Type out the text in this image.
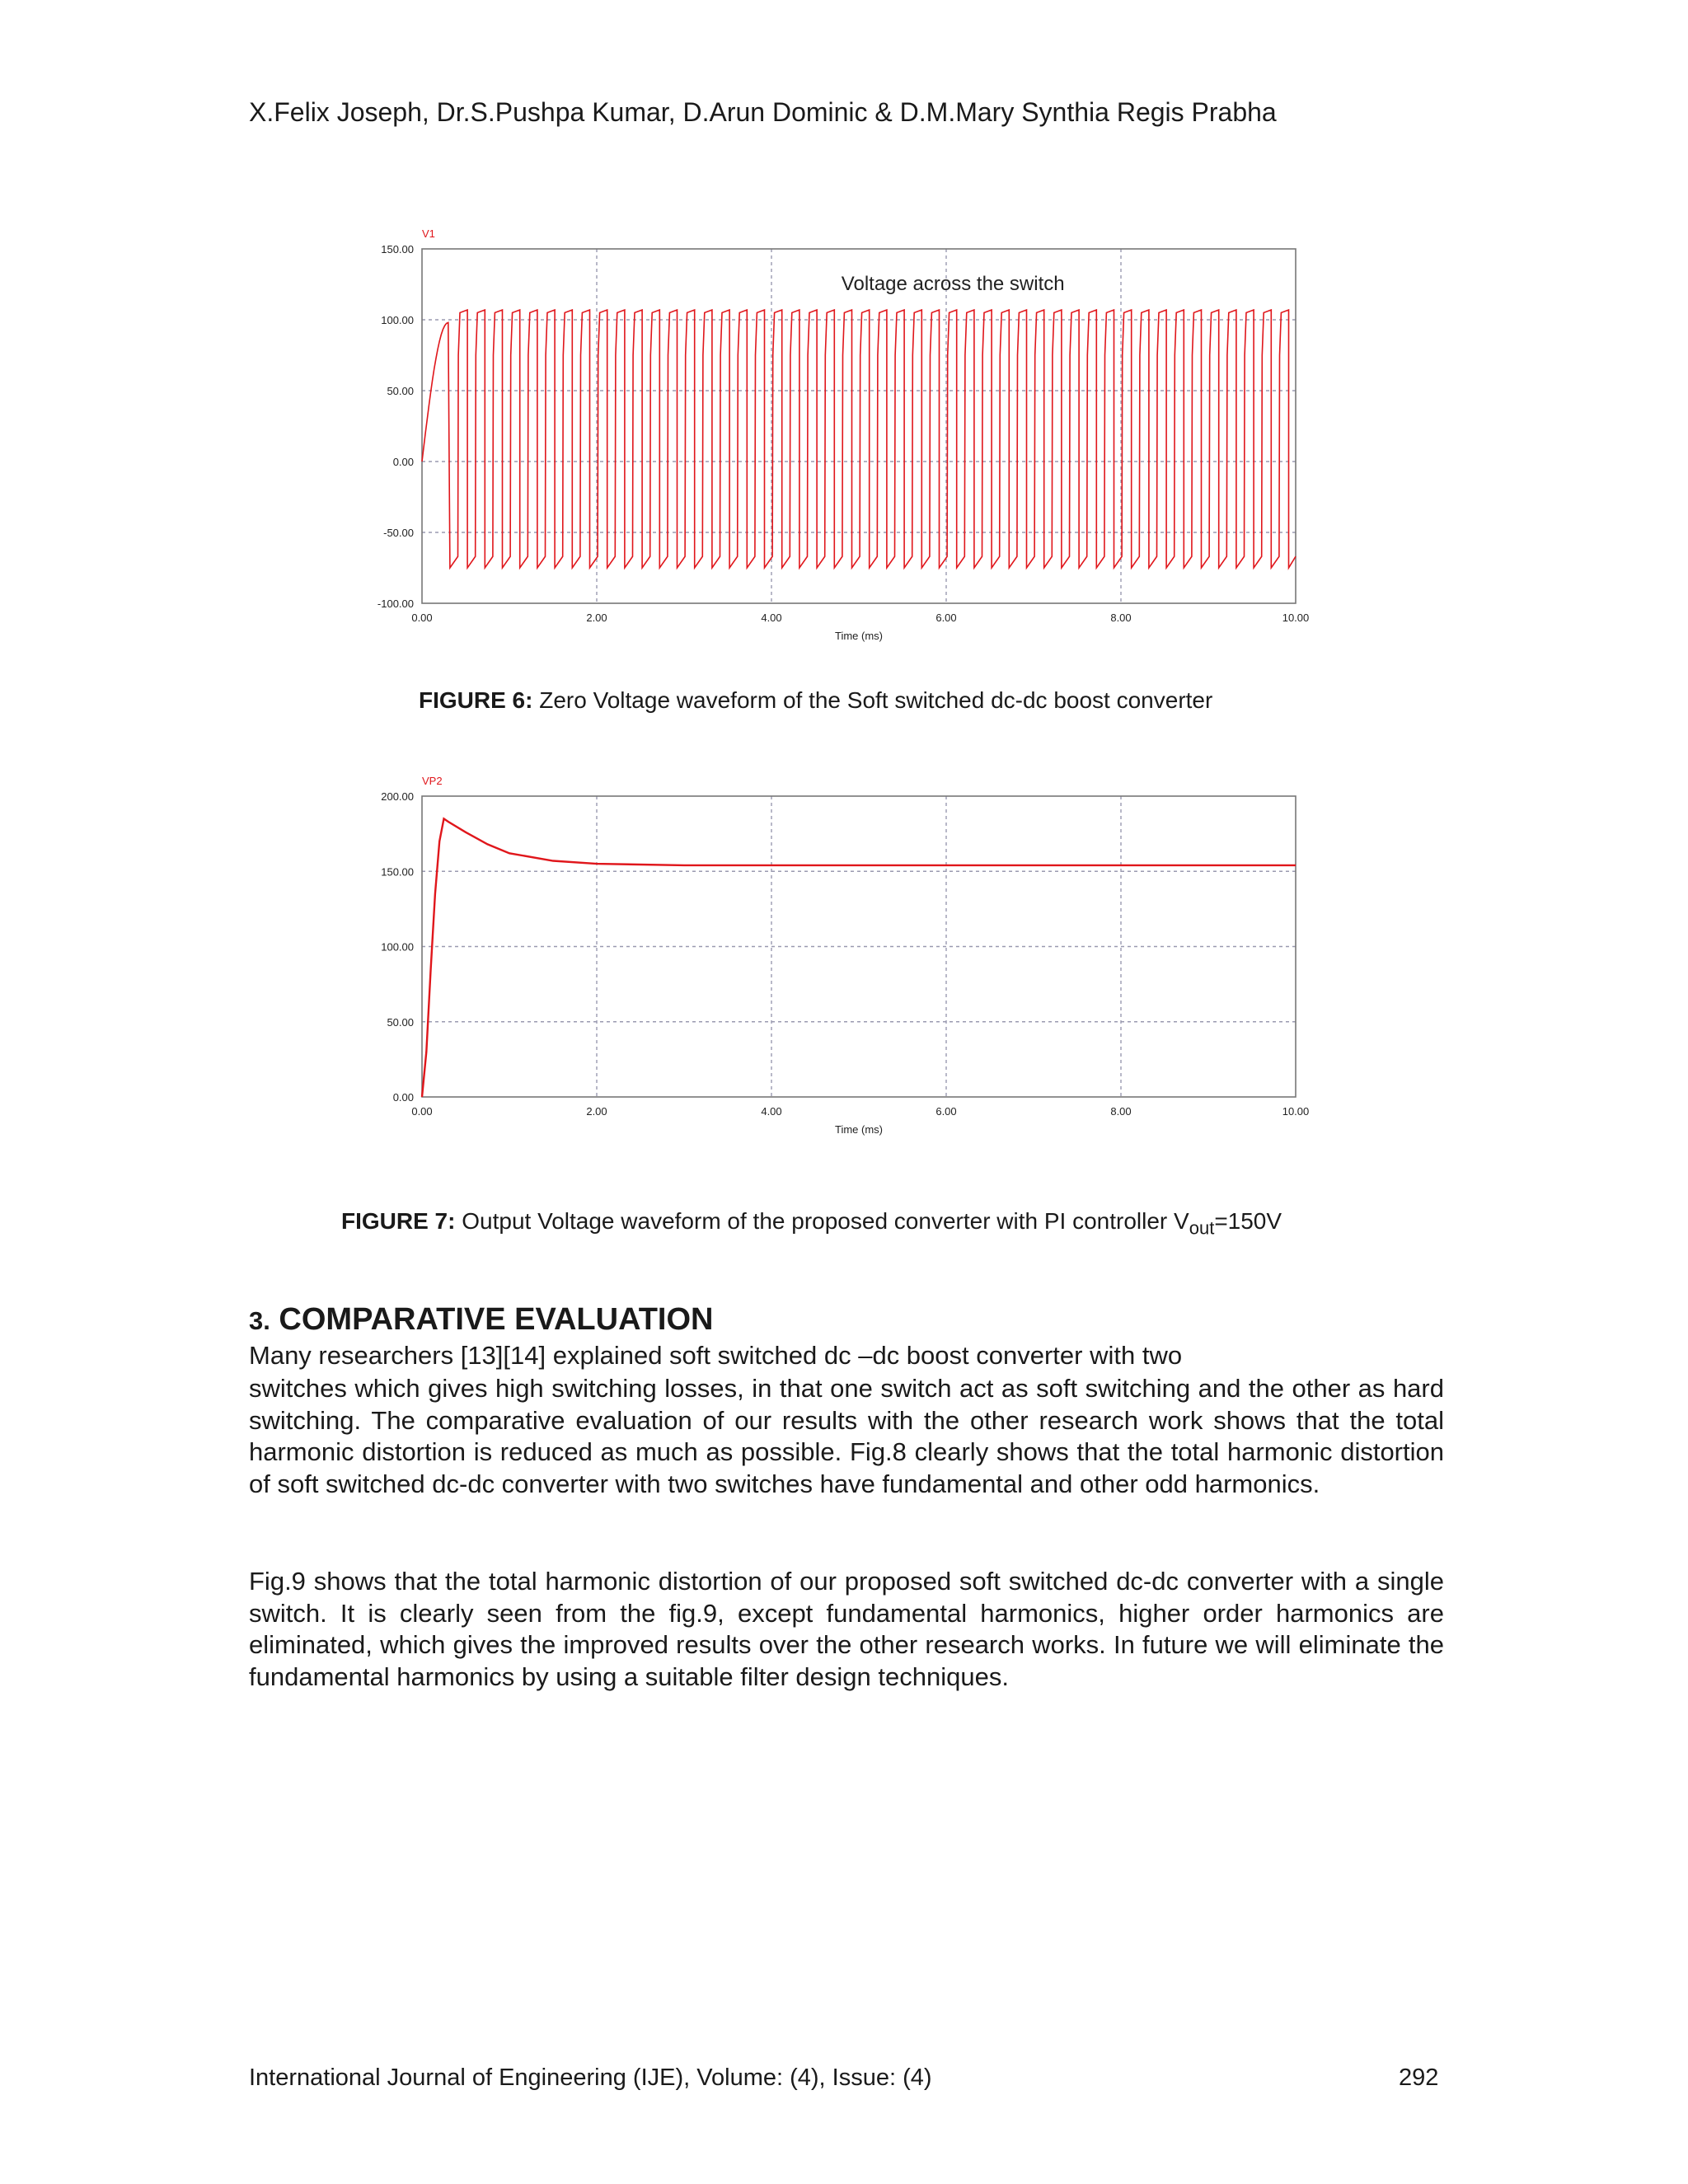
X.Felix Joseph, Dr.S.Pushpa Kumar, D.Arun Dominic & D.M.Mary Synthia Regis Prabha
150.00
100.00
50.00
0.00
-50.00
-100.00
0.00	2.00	4.00	6.00	8.00	10.00
Time (ms)
V1
Voltage across the switch
FIGURE 6: Zero Voltage waveform of the Soft switched dc-dc boost converter
200.00
150.00
100.00
50.00
0.00
0.00	2.00	4.00	6.00	8.00	10.00
Time (ms)
VP2
FIGURE 7: Output Voltage waveform of the proposed converter with PI controller $V_{out}=150V$
3. COMPARATIVE EVALUATION
Many researchers [13][14] explained soft switched dc –dc boost converter with two
switches which gives high switching losses, in that one switch act as soft switching and the other as hard switching. The comparative evaluation of our results with the other research work shows that the total harmonic distortion is reduced as much as possible. Fig.8 clearly shows that the total harmonic distortion of soft switched dc-dc converter with two switches have fundamental and other odd harmonics.
Fig.9 shows that the total harmonic distortion of our proposed soft switched dc-dc converter with a single switch. It is clearly seen from the fig.9, except fundamental harmonics, higher order harmonics are eliminated, which gives the improved results over the other research works. In future we will eliminate the fundamental harmonics by using a suitable filter design techniques.
International Journal of Engineering (IJE), Volume: (4), Issue: (4)	292
